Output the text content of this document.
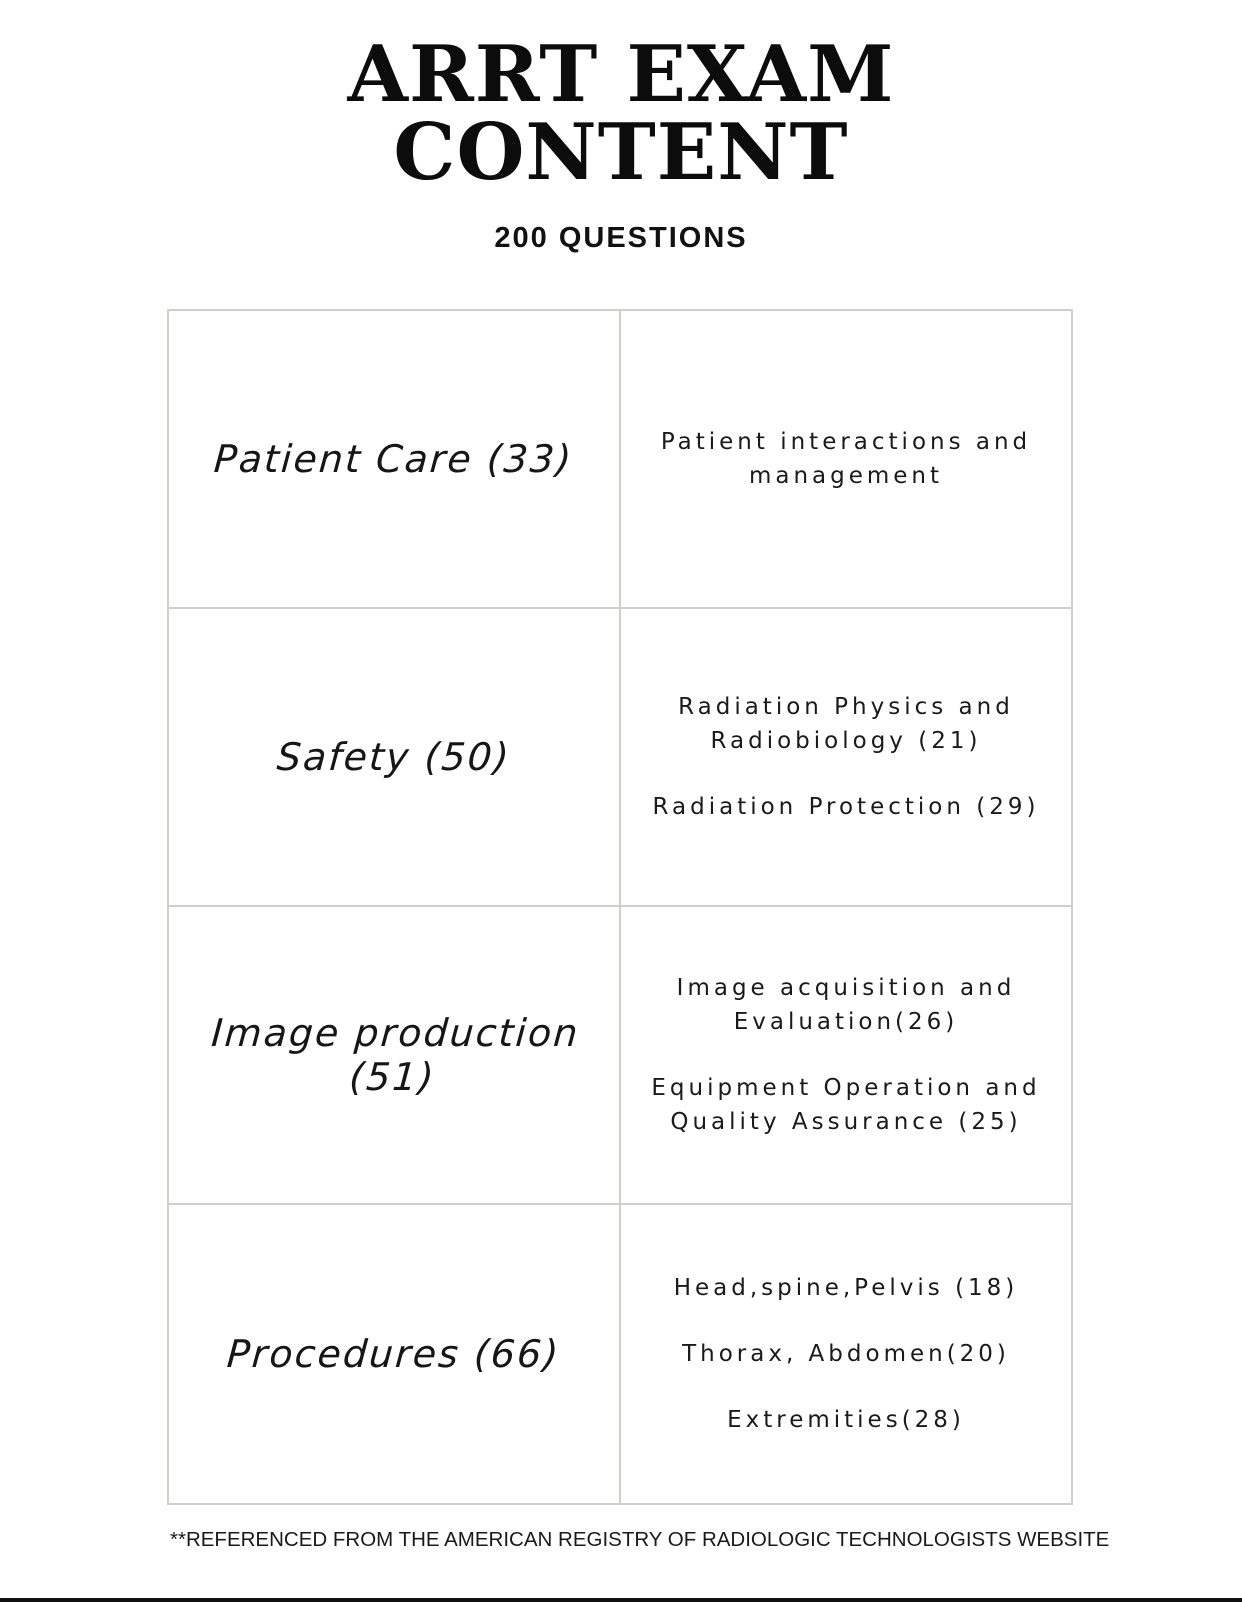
ARRT EXAM
CONTENT
200 QUESTIONS
Patient Care (33)	Patient interactions and management
Safety (50)
Radiation Physics and Radiobiology (21)
Radiation Protection (29)
Image production (51)
Image acquisition and Evaluation(26)
Equipment Operation and Quality Assurance (25)
Procedures (66)
Head,spine,Pelvis (18)
Thorax, Abdomen(20)
Extremities(28)
**REFERENCED FROM THE AMERICAN REGISTRY OF RADIOLOGIC TECHNOLOGISTS WEBSITE
